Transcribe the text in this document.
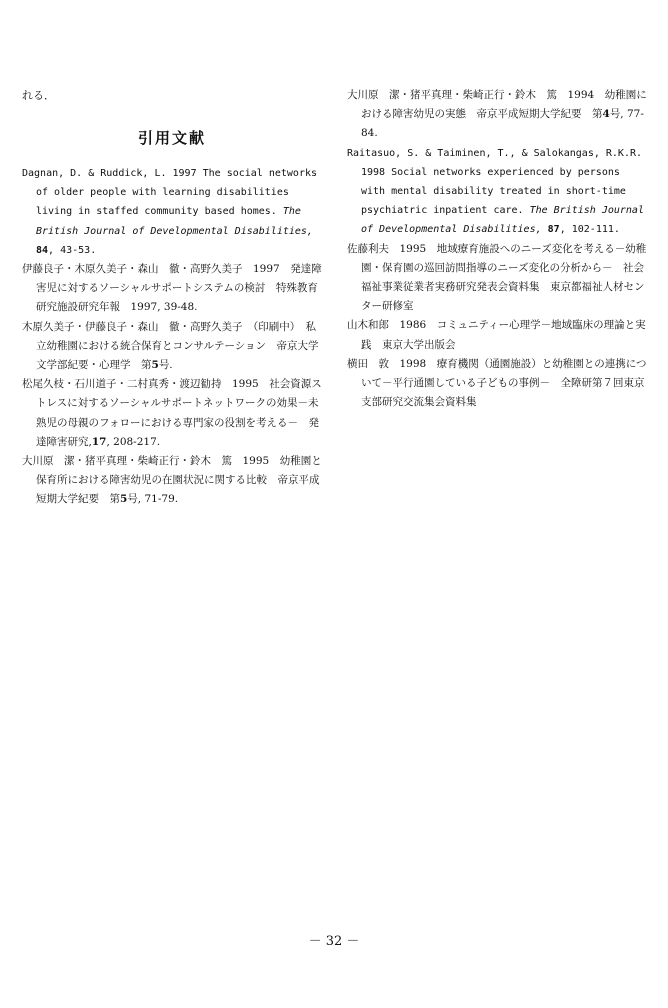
れる．

引用文献

Dagnan, D. & Ruddick, L. 1997 The social networks of older people with learning disabilities living in staffed community based homes. The British Journal of Developmental Disabilities, 84, 43-53.

伊藤良子・木原久美子・森山　徹・高野久美子　1997　発達障害児に対するソーシャルサポートシステムの検討　特殊教育研究施設研究年報　1997, 39-48.

木原久美子・伊藤良子・森山　徹・高野久美子　（印刷中）　私立幼稚園における統合保育とコンサルテーション　帝京大学文学部紀要・心理学　第5号.

松尾久枝・石川道子・二村真秀・渡辺勧持　1995　社会資源ストレスに対するソーシャルサポートネットワークの効果－未熟児の母親のフォローにおける専門家の役割を考える－　発達障害研究,17, 208-217.

大川原　潔・猪平真理・柴崎正行・鈴木　篤　1995　幼稚園と保育所における障害幼児の在園状況に関する比較　帝京平成短期大学紀要　第5号, 71-79.

大川原　潔・猪平真理・柴崎正行・鈴木　篤　1994　幼稚園における障害幼児の実態　帝京平成短期大学紀要　第4号, 77-84.

Raitasuo, S. & Taiminen, T., & Salokangas, R.K.R. 1998 Social networks experienced by persons with mental disability treated in short-time psychiatric inpatient care. The British Journal of Developmental Disabilities, 87, 102-111.

佐藤利夫　1995　地域療育施設へのニーズ変化を考える－幼稚園・保育園の巡回訪問指導のニーズ変化の分析から－　社会福祉事業従業者実務研究発表会資料集　東京都福祉人材センター研修室

山木和郎　1986　コミュニティー心理学－地域臨床の理論と実践　東京大学出版会

横田　敦　1998　療育機関（通園施設）と幼稚園との連携について－平行通園している子どもの事例－　全障研第７回東京支部研究交流集会資料集

－ 32 －
